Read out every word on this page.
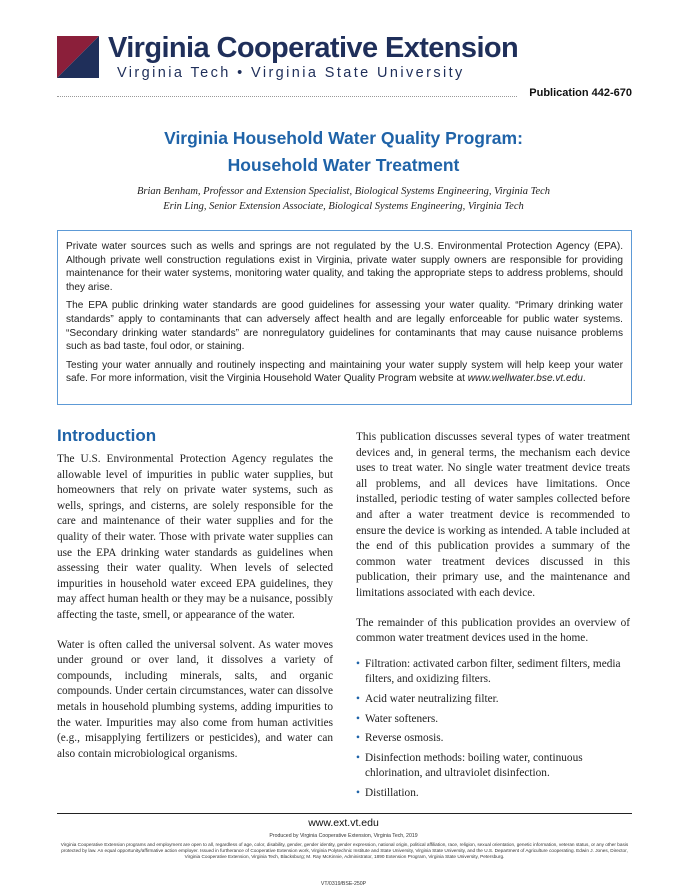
Virginia Cooperative Extension
Virginia Tech • Virginia State University
Publication 442-670
Virginia Household Water Quality Program:
Household Water Treatment
Brian Benham, Professor and Extension Specialist, Biological Systems Engineering, Virginia Tech
Erin Ling, Senior Extension Associate, Biological Systems Engineering, Virginia Tech

Private water sources such as wells and springs are not regulated by the U.S. Environmental Protection Agency (EPA). Although private well construction regulations exist in Virginia, private water supply owners are responsible for providing maintenance for their water systems, monitoring water quality, and taking the appropriate steps to address problems, should they arise.

The EPA public drinking water standards are good guidelines for assessing your water quality. “Primary drinking water standards” apply to contaminants that can adversely affect health and are legally enforceable for public water systems. “Secondary drinking water standards” are nonregulatory guidelines for contaminants that may cause nuisance problems such as bad taste, foul odor, or staining.

Testing your water annually and routinely inspecting and maintaining your water supply system will help keep your water safe. For more information, visit the Virginia Household Water Quality Program website at www.wellwater.bse.vt.edu.

Introduction

The U.S. Environmental Protection Agency regulates the allowable level of impurities in public water supplies, but homeowners that rely on private water systems, such as wells, springs, and cisterns, are solely responsible for the care and maintenance of their water supplies and for the quality of their water. Those with private water supplies can use the EPA drinking water standards as guidelines when assessing their water quality. When levels of selected impurities in household water exceed EPA guidelines, they may affect human health or they may be a nuisance, possibly affecting the taste, smell, or appearance of the water.

Water is often called the universal solvent. As water moves under ground or over land, it dissolves a variety of compounds, including minerals, salts, and organic compounds. Under certain circumstances, water can dissolve metals in household plumbing systems, adding impurities to the water. Impurities may also come from human activities (e.g., misapplying fertilizers or pesticides), and water can also contain microbiological organisms.

This publication discusses several types of water treatment devices and, in general terms, the mechanism each device uses to treat water. No single water treatment device treats all problems, and all devices have limitations. Once installed, periodic testing of water samples collected before and after a water treatment device is recommended to ensure the device is working as intended. A table included at the end of this publication provides a summary of the common water treatment devices discussed in this publication, their primary use, and the maintenance and limitations associated with each device.

The remainder of this publication provides an overview of common water treatment devices used in the home.

• Filtration: activated carbon filter, sediment filters, media filters, and oxidizing filters.
• Acid water neutralizing filter.
• Water softeners.
• Reverse osmosis.
• Disinfection methods: boiling water, continuous chlorination, and ultraviolet disinfection.
• Distillation.
www.ext.vt.edu
Produced by Virginia Cooperative Extension, Virginia Tech, 2019
Virginia Cooperative Extension programs and employment are open to all, regardless of age, color, disability, gender, gender identity, gender expression, national origin, political affiliation, race, religion, sexual orientation, genetic information, veteran status, or any other basis protected by law. An equal opportunity/affirmative action employer. Issued in furtherance of Cooperative Extension work, Virginia Polytechnic Institute and State University, Virginia State University, and the U.S. Department of Agriculture cooperating. Edwin J. Jones, Director, Virginia Cooperative Extension, Virginia Tech, Blacksburg; M. Ray McKinnie, Administrator, 1890 Extension Program, Virginia State University, Petersburg.
VT/0319/BSE-250P
